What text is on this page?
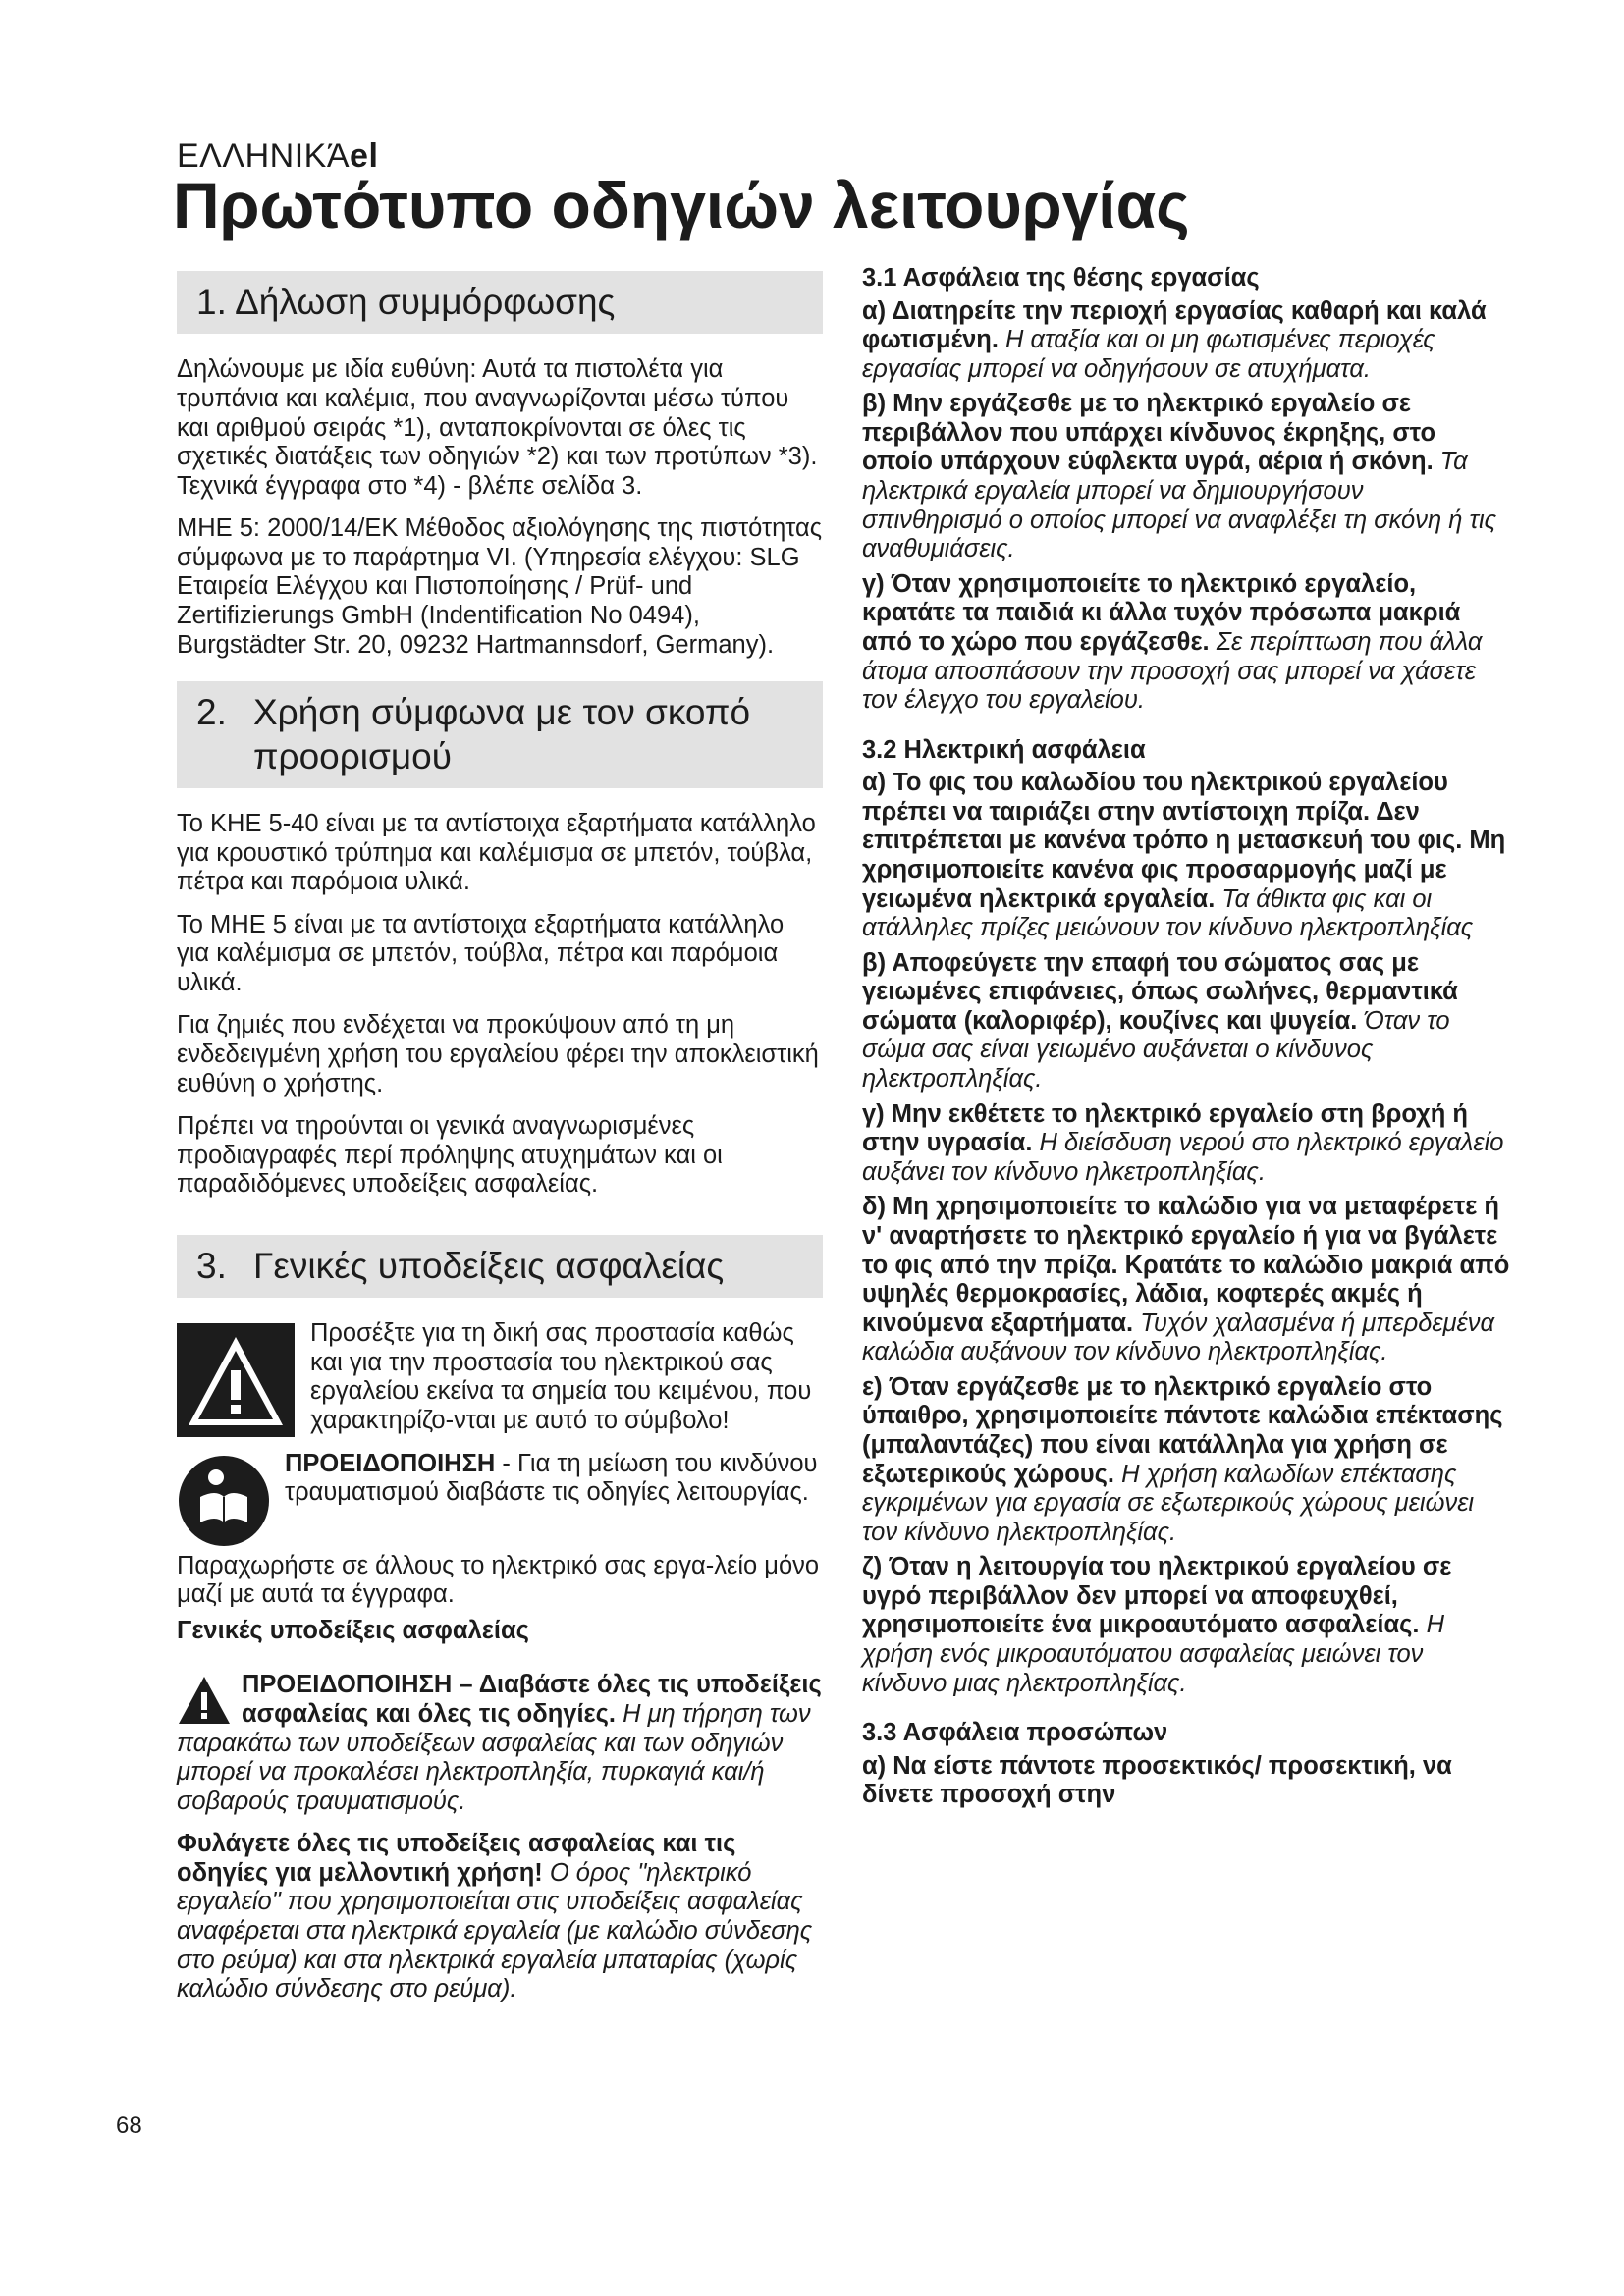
ΕΛΛΗΝΙΚΆel
Πρωτότυπο οδηγιών λειτουργίας
1. Δήλωση συμμόρφωσης

Δηλώνουμε με ιδία ευθύνη: Αυτά τα πιστολέτα για τρυπάνια και καλέμια, που αναγνωρίζονται μέσω τύπου και αριθμού σειράς *1), ανταποκρίνονται σε όλες τις σχετικές διατάξεις των οδηγιών *2) και των προτύπων *3). Τεχνικά έγγραφα στο *4) - βλέπε σελίδα 3.

MHE 5: 2000/14/EK Μέθοδος αξιολόγησης της πιστότητας σύμφωνα με το παράρτημα VI. (Υπηρεσία ελέγχου: SLG Εταιρεία Ελέγχου και Πιστοποίησης / Prüf- und Zertifizierungs GmbH (Indentification No 0494), Burgstädter Str. 20, 09232 Hartmannsdorf, Germany).

2. Χρήση σύμφωνα με τον σκοπό προορισμού

Το KHE 5-40 είναι με τα αντίστοιχα εξαρτήματα κατάλληλο για κρουστικό τρύπημα και καλέμισμα σε μπετόν, τούβλα, πέτρα και παρόμοια υλικά.

Το MHE 5 είναι με τα αντίστοιχα εξαρτήματα κατάλληλο για καλέμισμα σε μπετόν, τούβλα, πέτρα και παρόμοια υλικά.

Για ζημιές που ενδέχεται να προκύψουν από τη μη ενδεδειγμένη χρήση του εργαλείου φέρει την αποκλειστική ευθύνη ο χρήστης.

Πρέπει να τηρούνται οι γενικά αναγνωρισμένες προδιαγραφές περί πρόληψης ατυχημάτων και οι παραδιδόμενες υποδείξεις ασφαλείας.

3. Γενικές υποδείξεις ασφαλείας

Προσέξτε για τη δική σας προστασία καθώς και για την προστασία του ηλεκτρικού σας εργαλείου εκείνα τα σημεία του κειμένου, που χαρακτηρίζο-νται με αυτό το σύμβολο!

ΠΡΟΕΙΔΟΠΟΙΗΣΗ - Για τη μείωση του κινδύνου τραυματισμού διαβάστε τις οδηγίες λειτουργίας.

Παραχωρήστε σε άλλους το ηλεκτρικό σας εργα-λείο μόνο μαζί με αυτά τα έγγραφα.

Γενικές υποδείξεις ασφαλείας

ΠΡΟΕΙΔΟΠΟΙΗΣΗ – Διαβάστε όλες τις υποδείξεις ασφαλείας και όλες τις οδηγίες. Η μη τήρηση των παρακάτω των υποδείξεων ασφαλείας και των οδηγιών μπορεί να προκαλέσει ηλεκτροπληξία, πυρκαγιά και/ή σοβαρούς τραυματισμούς.

Φυλάγετε όλες τις υποδείξεις ασφαλείας και τις οδηγίες για μελλοντική χρήση! Ο όρος "ηλεκτρικό εργαλείο" που χρησιμοποιείται στις υποδείξεις ασφαλείας αναφέρεται στα ηλεκτρικά εργαλεία (με καλώδιο σύνδεσης στο ρεύμα) και στα ηλεκτρικά εργαλεία μπαταρίας (χωρίς καλώδιο σύνδεσης στο ρεύμα).

3.1 Ασφάλεια της θέσης εργασίας

α) Διατηρείτε την περιοχή εργασίας καθαρή και καλά φωτισμένη. Η αταξία και οι μη φωτισμένες περιοχές εργασίας μπορεί να οδηγήσουν σε ατυχήματα.

β) Μην εργάζεσθε με το ηλεκτρικό εργαλείο σε περιβάλλον που υπάρχει κίνδυνος έκρηξης, στο οποίο υπάρχουν εύφλεκτα υγρά, αέρια ή σκόνη. Τα ηλεκτρικά εργαλεία μπορεί να δημιουργήσουν σπινθηρισμό ο οποίος μπορεί να αναφλέξει τη σκόνη ή τις αναθυμιάσεις.

γ) Όταν χρησιμοποιείτε το ηλεκτρικό εργαλείο, κρατάτε τα παιδιά κι άλλα τυχόν πρόσωπα μακριά από το χώρο που εργάζεσθε. Σε περίπτωση που άλλα άτομα αποσπάσουν την προσοχή σας μπορεί να χάσετε τον έλεγχο του εργαλείου.

3.2 Ηλεκτρική ασφάλεια

α) Το φις του καλωδίου του ηλεκτρικού εργαλείου πρέπει να ταιριάζει στην αντίστοιχη πρίζα. Δεν επιτρέπεται με κανένα τρόπο η μετασκευή του φις. Μη χρησιμοποιείτε κανένα φις προσαρμογής μαζί με γειωμένα ηλεκτρικά εργαλεία. Τα άθικτα φις και οι ατάλληλες πρίζες μειώνουν τον κίνδυνο ηλεκτροπληξίας

β) Αποφεύγετε την επαφή του σώματος σας με γειωμένες επιφάνειες, όπως σωλήνες, θερμαντικά σώματα (καλοριφέρ), κουζίνες και ψυγεία. Όταν το σώμα σας είναι γειωμένο αυξάνεται ο κίνδυνος ηλεκτροπληξίας.

γ) Μην εκθέτετε το ηλεκτρικό εργαλείο στη βροχή ή στην υγρασία. Η διείσδυση νερού στο ηλεκτρικό εργαλείο αυξάνει τον κίνδυνο ηλκετροπληξίας.

δ) Μη χρησιμοποιείτε το καλώδιο για να μεταφέρετε ή ν' αναρτήσετε το ηλεκτρικό εργαλείο ή για να βγάλετε το φις από την πρίζα. Κρατάτε το καλώδιο μακριά από υψηλές θερμοκρασίες, λάδια, κοφτερές ακμές ή κινούμενα εξαρτήματα. Τυχόν χαλασμένα ή μπερδεμένα καλώδια αυξάνουν τον κίνδυνο ηλεκτροπληξίας.

ε) Όταν εργάζεσθε με το ηλεκτρικό εργαλείο στο ύπαιθρο, χρησιμοποιείτε πάντοτε καλώδια επέκτασης (μπαλαντάζες) που είναι κατάλληλα για χρήση σε εξωτερικούς χώρους. Η χρήση καλωδίων επέκτασης εγκριμένων για εργασία σε εξωτερικούς χώρους μειώνει τον κίνδυνο ηλεκτροπληξίας.

ζ) Όταν η λειτουργία του ηλεκτρικού εργαλείου σε υγρό περιβάλλον δεν μπορεί να αποφευχθεί, χρησιμοποιείτε ένα μικροαυτόματο ασφαλείας. Η χρήση ενός μικροαυτόματου ασφαλείας μειώνει τον κίνδυνο μιας ηλεκτροπληξίας.

3.3 Ασφάλεια προσώπων

α) Να είστε πάντοτε προσεκτικός/ προσεκτική, να δίνετε προσοχή στην

68
